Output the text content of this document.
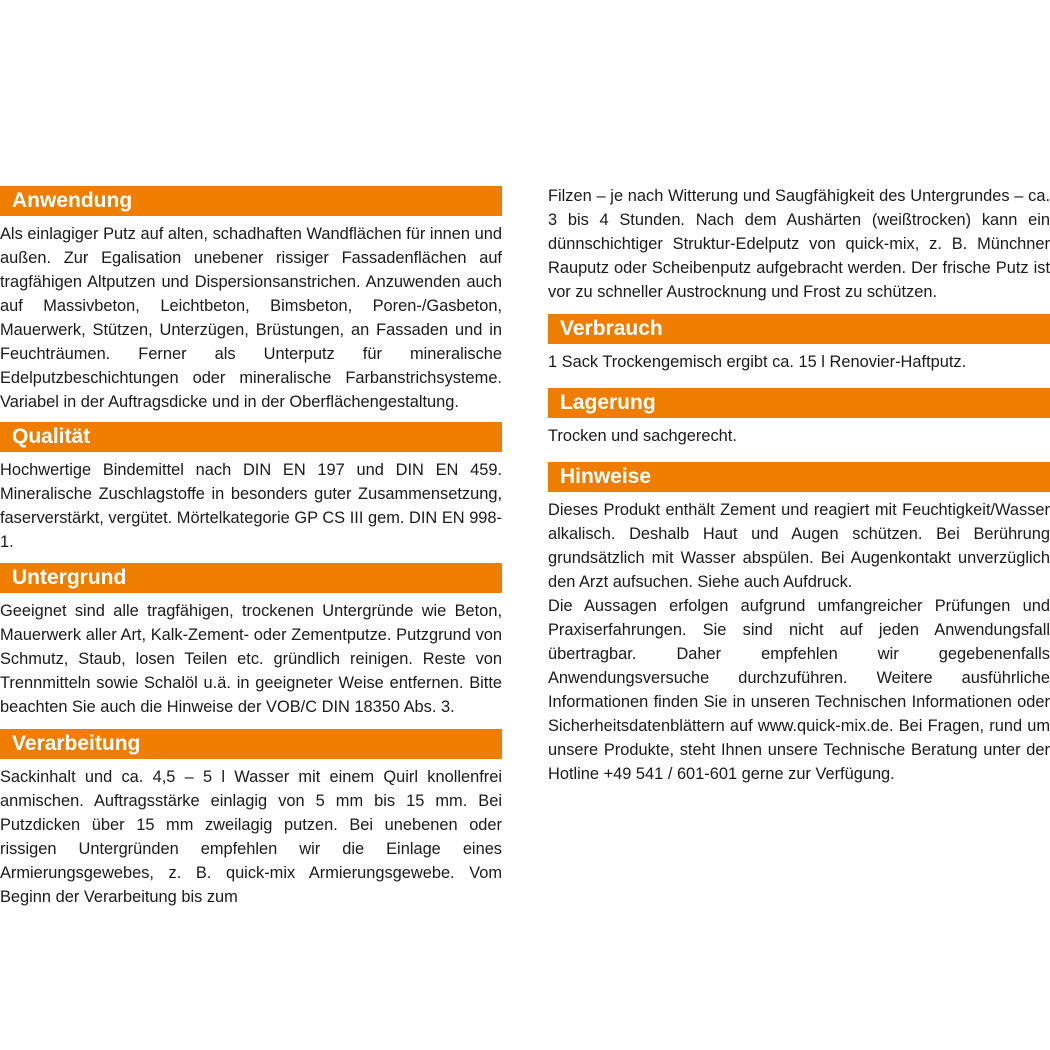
Anwendung

Als einlagiger Putz auf alten, schadhaften Wandflächen für innen und außen. Zur Egalisation unebener rissiger Fassadenflächen auf tragfähigen Altputzen und Dispersionsanstrichen. Anzuwenden auch auf Massivbeton, Leichtbeton, Bimsbeton, Poren-/Gasbeton, Mauerwerk, Stützen, Unterzügen, Brüstungen, an Fassaden und in Feuchträumen. Ferner als Unterputz für mineralische Edelputzbeschichtungen oder mineralische Farbanstrichsysteme. Variabel in der Auftragsdicke und in der Oberflächengestaltung.

Qualität

Hochwertige Bindemittel nach DIN EN 197 und DIN EN 459. Mineralische Zuschlagstoffe in besonders guter Zusammensetzung, faserverstärkt, vergütet. Mörtelkategorie GP CS III gem. DIN EN 998-1.

Untergrund

Geeignet sind alle tragfähigen, trockenen Untergründe wie Beton, Mauerwerk aller Art, Kalk-Zement- oder Zementputze. Putzgrund von Schmutz, Staub, losen Teilen etc. gründlich reinigen. Reste von Trennmitteln sowie Schalöl u.ä. in geeigneter Weise entfernen. Bitte beachten Sie auch die Hinweise der VOB/C DIN 18350 Abs. 3.

Verarbeitung

Sackinhalt und ca. 4,5 – 5 l Wasser mit einem Quirl knollenfrei anmischen. Auftragsstärke einlagig von 5 mm bis 15 mm. Bei Putzdicken über 15 mm zweilagig putzen. Bei unebenen oder rissigen Untergründen empfehlen wir die Einlage eines Armierungsgewebes, z. B. quick-mix Armierungsgewebe. Vom Beginn der Verarbeitung bis zum

Filzen – je nach Witterung und Saugfähigkeit des Untergrundes – ca. 3 bis 4 Stunden. Nach dem Aushärten (weißtrocken) kann ein dünnschichtiger Struktur-Edelputz von quick-mix, z. B. Münchner Rauputz oder Scheibenputz aufgebracht werden. Der frische Putz ist vor zu schneller Austrocknung und Frost zu schützen.

Verbrauch

1 Sack Trockengemisch ergibt ca. 15 l Renovier-Haftputz.

Lagerung

Trocken und sachgerecht.

Hinweise

Dieses Produkt enthält Zement und reagiert mit Feuchtigkeit/Wasser alkalisch. Deshalb Haut und Augen schützen. Bei Berührung grundsätzlich mit Wasser abspülen. Bei Augenkontakt unverzüglich den Arzt aufsuchen. Siehe auch Aufdruck.

Die Aussagen erfolgen aufgrund umfangreicher Prüfungen und Praxiserfahrungen. Sie sind nicht auf jeden Anwendungsfall übertragbar. Daher empfehlen wir gegebenenfalls Anwendungsversuche durchzuführen. Weitere ausführliche Informationen finden Sie in unseren Technischen Informationen oder Sicherheitsdatenblättern auf www.quick-mix.de. Bei Fragen, rund um unsere Produkte, steht Ihnen unsere Technische Beratung unter der Hotline +49 541 / 601-601 gerne zur Verfügung.
